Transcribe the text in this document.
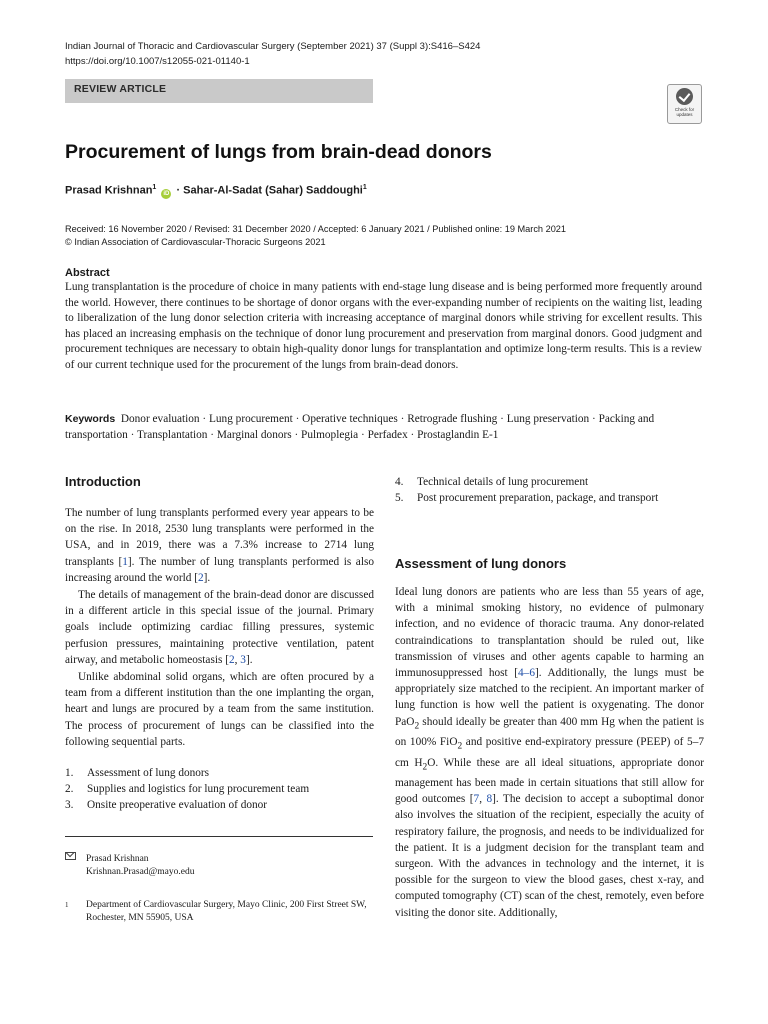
Indian Journal of Thoracic and Cardiovascular Surgery (September 2021) 37 (Suppl 3):S416–S424
https://doi.org/10.1007/s12055-021-01140-1
REVIEW ARTICLE
Check for
updates
Procurement of lungs from brain-dead donors
Prasad Krishnan$^1$ iD · Sahar-Al-Sadat (Sahar) Saddoughi$^1$
Received: 16 November 2020 / Revised: 31 December 2020 / Accepted: 6 January 2021 / Published online: 19 March 2021
© Indian Association of Cardiovascular-Thoracic Surgeons 2021
Abstract
Lung transplantation is the procedure of choice in many patients with end-stage lung disease and is being performed more frequently around the world. However, there continues to be shortage of donor organs with the ever-expanding number of recipients on the waiting list, leading to liberalization of the lung donor selection criteria with increasing acceptance of marginal donors while striving for excellent results. This has placed an increasing emphasis on the technique of donor lung procurement and preservation from marginal donors. Good judgment and procurement techniques are necessary to obtain high-quality donor lungs for transplantation and optimize long-term results. This is a review of our current technique used for the procurement of the lungs from brain-dead donors.
Keywords Donor evaluation · Lung procurement · Operative techniques · Retrograde flushing · Lung preservation · Packing and transportation · Transplantation · Marginal donors · Pulmoplegia · Perfadex · Prostaglandin E-1
Introduction
The number of lung transplants performed every year appears to be on the rise. In 2018, 2530 lung transplants were performed in the USA, and in 2019, there was a 7.3% increase to 2714 lung transplants [1]. The number of lung transplants performed is also increasing around the world [2].
The details of management of the brain-dead donor are discussed in a different article in this special issue of the journal. Primary goals include optimizing cardiac filling pressures, systemic perfusion pressures, maintaining protective ventilation, patent airway, and metabolic homeostasis [2, 3].
Unlike abdominal solid organs, which are often procured by a team from a different institution than the one implanting the organ, heart and lungs are procured by a team from the same institution. The process of procurement of lungs can be classified into the following sequential parts.
1.	Assessment of lung donors
2.	Supplies and logistics for lung procurement team
3.	Onsite preoperative evaluation of donor
Prasad Krishnan
Krishnan.Prasad@mayo.edu
1	Department of Cardiovascular Surgery, Mayo Clinic, 200 First Street SW, Rochester, MN 55905, USA
4.	Technical details of lung procurement
5.	Post procurement preparation, package, and transport
Assessment of lung donors
Ideal lung donors are patients who are less than 55 years of age, with a minimal smoking history, no evidence of pulmonary infection, and no evidence of thoracic trauma. Any donor-related contraindications to transplantation should be ruled out, like transmission of viruses and other agents capable to harming an immunosuppressed host [4–6]. Additionally, the lungs must be appropriately size matched to the recipient. An important marker of lung function is how well the patient is oxygenating. The donor PaO$_2$ should ideally be greater than 400 mm Hg when the patient is on 100% FiO$_2$ and positive end-expiratory pressure (PEEP) of 5–7 cm $H_2O$. While these are all ideal situations, appropriate donor management has been made in certain situations that still allow for good outcomes [7, 8]. The decision to accept a suboptimal donor also involves the situation of the recipient, especially the acuity of respiratory failure, the prognosis, and needs to be individualized for the patient. It is a judgment decision for the transplant team and surgeon. With the advances in technology and the internet, it is possible for the surgeon to view the blood gases, chest x-ray, and computed tomography (CT) scan of the chest, remotely, even before visiting the donor site. Additionally,
